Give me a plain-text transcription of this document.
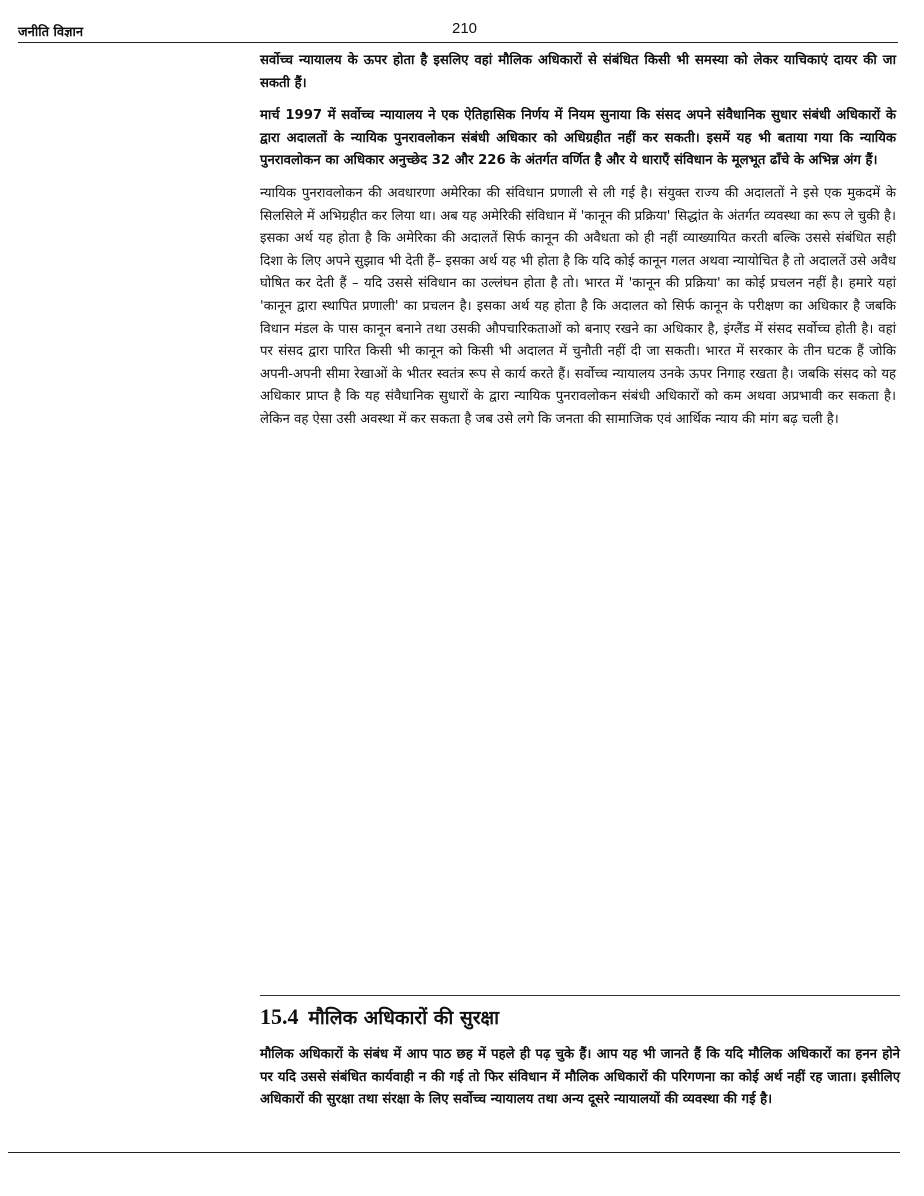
जनीति विज्ञान	210

सर्वोच्च न्यायालय के ऊपर होता है इसलिए वहां मौलिक अधिकारों से संबंधित किसी भी समस्या को लेकर याचिकाएं दायर की जा सकती हैं।

मार्च 1997 में सर्वोच्च न्यायालय ने एक ऐतिहासिक निर्णय में नियम सुनाया कि संसद अपने संवैधानिक सुधार संबंधी अधिकारों के द्वारा अदालतों के न्यायिक पुनरावलोकन संबंधी अधिकार को अधिग्रहीत नहीं कर सकती। इसमें यह भी बताया गया कि न्यायिक पुनरावलोकन का अधिकार अनुच्छेद 32 और 226 के अंतर्गत वर्णित है और ये धाराएँ संविधान के मूलभूत ढाँचे के अभिन्न अंग हैं।

न्यायिक पुनरावलोकन की अवधारणा अमेरिका की संविधान प्रणाली से ली गई है। संयुक्त राज्य की अदालतों ने इसे एक मुकदमें के सिलसिले में अभिग्रहीत कर लिया था। अब यह अमेरिकी संविधान में 'कानून की प्रक्रिया' सिद्धांत के अंतर्गत व्यवस्था का रूप ले चुकी है। इसका अर्थ यह होता है कि अमेरिका की अदालतें सिर्फ कानून की अवैधता को ही नहीं व्याख्यायित करती बल्कि उससे संबंधित सही दिशा के लिए अपने सुझाव भी देती हैं– इसका अर्थ यह भी होता है कि यदि कोई कानून गलत अथवा न्यायोचित है तो अदालतें उसे अवैध घोषित कर देती हैं – यदि उससे संविधान का उल्लंघन होता है तो। भारत में 'कानून की प्रक्रिया' का कोई प्रचलन नहीं है। हमारे यहां 'कानून द्वारा स्थापित प्रणाली' का प्रचलन है। इसका अर्थ यह होता है कि अदालत को सिर्फ कानून के परीक्षण का अधिकार है जबकि विधान मंडल के पास कानून बनाने तथा उसकी औपचारिकताओं को बनाए रखने का अधिकार है, इंग्लैंड में संसद सर्वोच्च होती है। वहां पर संसद द्वारा पारित किसी भी कानून को किसी भी अदालत में चुनौती नहीं दी जा सकती। भारत में सरकार के तीन घटक हैं जोकि अपनी-अपनी सीमा रेखाओं के भीतर स्वतंत्र रूप से कार्य करते हैं। सर्वोच्च न्यायालय उनके ऊपर निगाह रखता है। जबकि संसद को यह अधिकार प्राप्त है कि यह संवैधानिक सुधारों के द्वारा न्यायिक पुनरावलोकन संबंधी अधिकारों को कम अथवा अप्रभावी कर सकता है। लेकिन वह ऐसा उसी अवस्था में कर सकता है जब उसे लगे कि जनता की सामाजिक एवं आर्थिक न्याय की मांग बढ़ चली है।

15.4 मौलिक अधिकारों की सुरक्षा

मौलिक अधिकारों के संबंध में आप पाठ छह में पहले ही पढ़ चुके हैं। आप यह भी जानते हैं कि यदि मौलिक अधिकारों का हनन होने पर यदि उससे संबंधित कार्यवाही न की गई तो फिर संविधान में मौलिक अधिकारों की परिगणना का कोई अर्थ नहीं रह जाता। इसीलिए अधिकारों की सुरक्षा तथा संरक्षा के लिए सर्वोच्च न्यायालय तथा अन्य दूसरे न्यायालयों की व्यवस्था की गई है।
